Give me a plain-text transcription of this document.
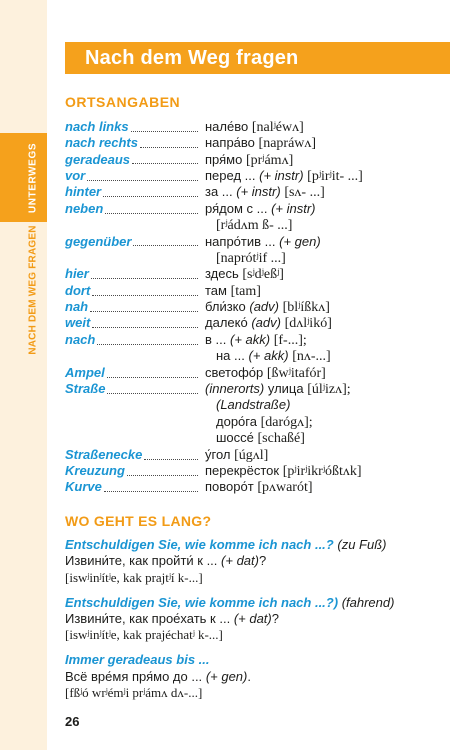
UNTERWEGS
NACH DEM WEG FRAGEN
Nach dem Weg fragen
ORTSANGABEN
nach links	нале́во [nalʲéwʌ]
nach rechts	напра́во [napráwʌ]
geradeaus	пря́мо [prʲámʌ]
vor	перед ... (+ instr) [pʲirʲit- ...]
hinter	за ... (+ instr) [sʌ- ...]
neben	ря́дом с ... (+ instr)
[rʲádʌm ß- ...]
gegenüber	напро́тив ... (+ gen)
[naprótʲif ...]
hier	здесь [sʲdʲeßʲ]
dort	там [tam]
nah	бли́зко (adv) [blʲíßkʌ]
weit	далеко́ (adv) [dʌlʲikó]
nach	в ... (+ akk) [f-...];
на ... (+ akk) [nʌ-...]
Ampel	светофо́р [ßwʲitafór]
Straße	(innerorts) улица [úlʲizʌ];
(Landstraße)
доро́га [darógʌ];
шоссе́ [schaßé]
Straßenecke	у́гол [úgʌl]
Kreuzung	перекрёсток [pʲirʲikrʲóßtʌk]
Kurve	поворо́т [pʌwarót]
WO GEHT ES LANG?
Entschuldigen Sie, wie komme ich nach ...? (zu Fuß)
Извини́те, как пройти́ к ... (+ dat)?
[iswʲinʲítʲe, kak prajtʲí k-...]
Entschuldigen Sie, wie komme ich nach ...?) (fahrend)
Извини́те, как прое́хать к ... (+ dat)?
[iswʲinʲítʲe, kak prajéchatʲ k-...]
Immer geradeaus bis ...
Всё вре́мя пря́мо до ... (+ gen).
[fßʲó wrʲémʲi prʲámʌ dʌ-...]
26
